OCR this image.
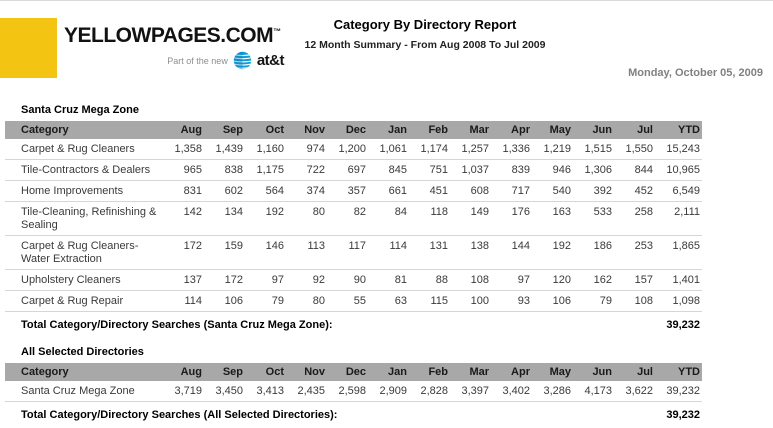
YELLOWPAGES.COM™
Part of the new at&t
Category By Directory Report
12 Month Summary - From Aug 2008 To Jul 2009
Monday, October 05, 2009
Santa Cruz Mega Zone
Category	Aug	Sep	Oct	Nov	Dec	Jan	Feb	Mar	Apr	May	Jun	Jul	YTD
Carpet & Rug Cleaners	1,358	1,439	1,160	974	1,200	1,061	1,174	1,257	1,336	1,219	1,515	1,550	15,243
Tile-Contractors & Dealers	965	838	1,175	722	697	845	751	1,037	839	946	1,306	844	10,965
Home Improvements	831	602	564	374	357	661	451	608	717	540	392	452	6,549
Tile-Cleaning, Refinishing & Sealing	142	134	192	80	82	84	118	149	176	163	533	258	2,111
Carpet & Rug Cleaners-Water Extraction	172	159	146	113	117	114	131	138	144	192	186	253	1,865
Upholstery Cleaners	137	172	97	92	90	81	88	108	97	120	162	157	1,401
Carpet & Rug Repair	114	106	79	80	55	63	115	100	93	106	79	108	1,098
Total Category/Directory Searches (Santa Cruz Mega Zone):	39,232
All Selected Directories
Category	Aug	Sep	Oct	Nov	Dec	Jan	Feb	Mar	Apr	May	Jun	Jul	YTD
Santa Cruz Mega Zone	3,719	3,450	3,413	2,435	2,598	2,909	2,828	3,397	3,402	3,286	4,173	3,622	39,232
Total Category/Directory Searches (All Selected Directories):	39,232
